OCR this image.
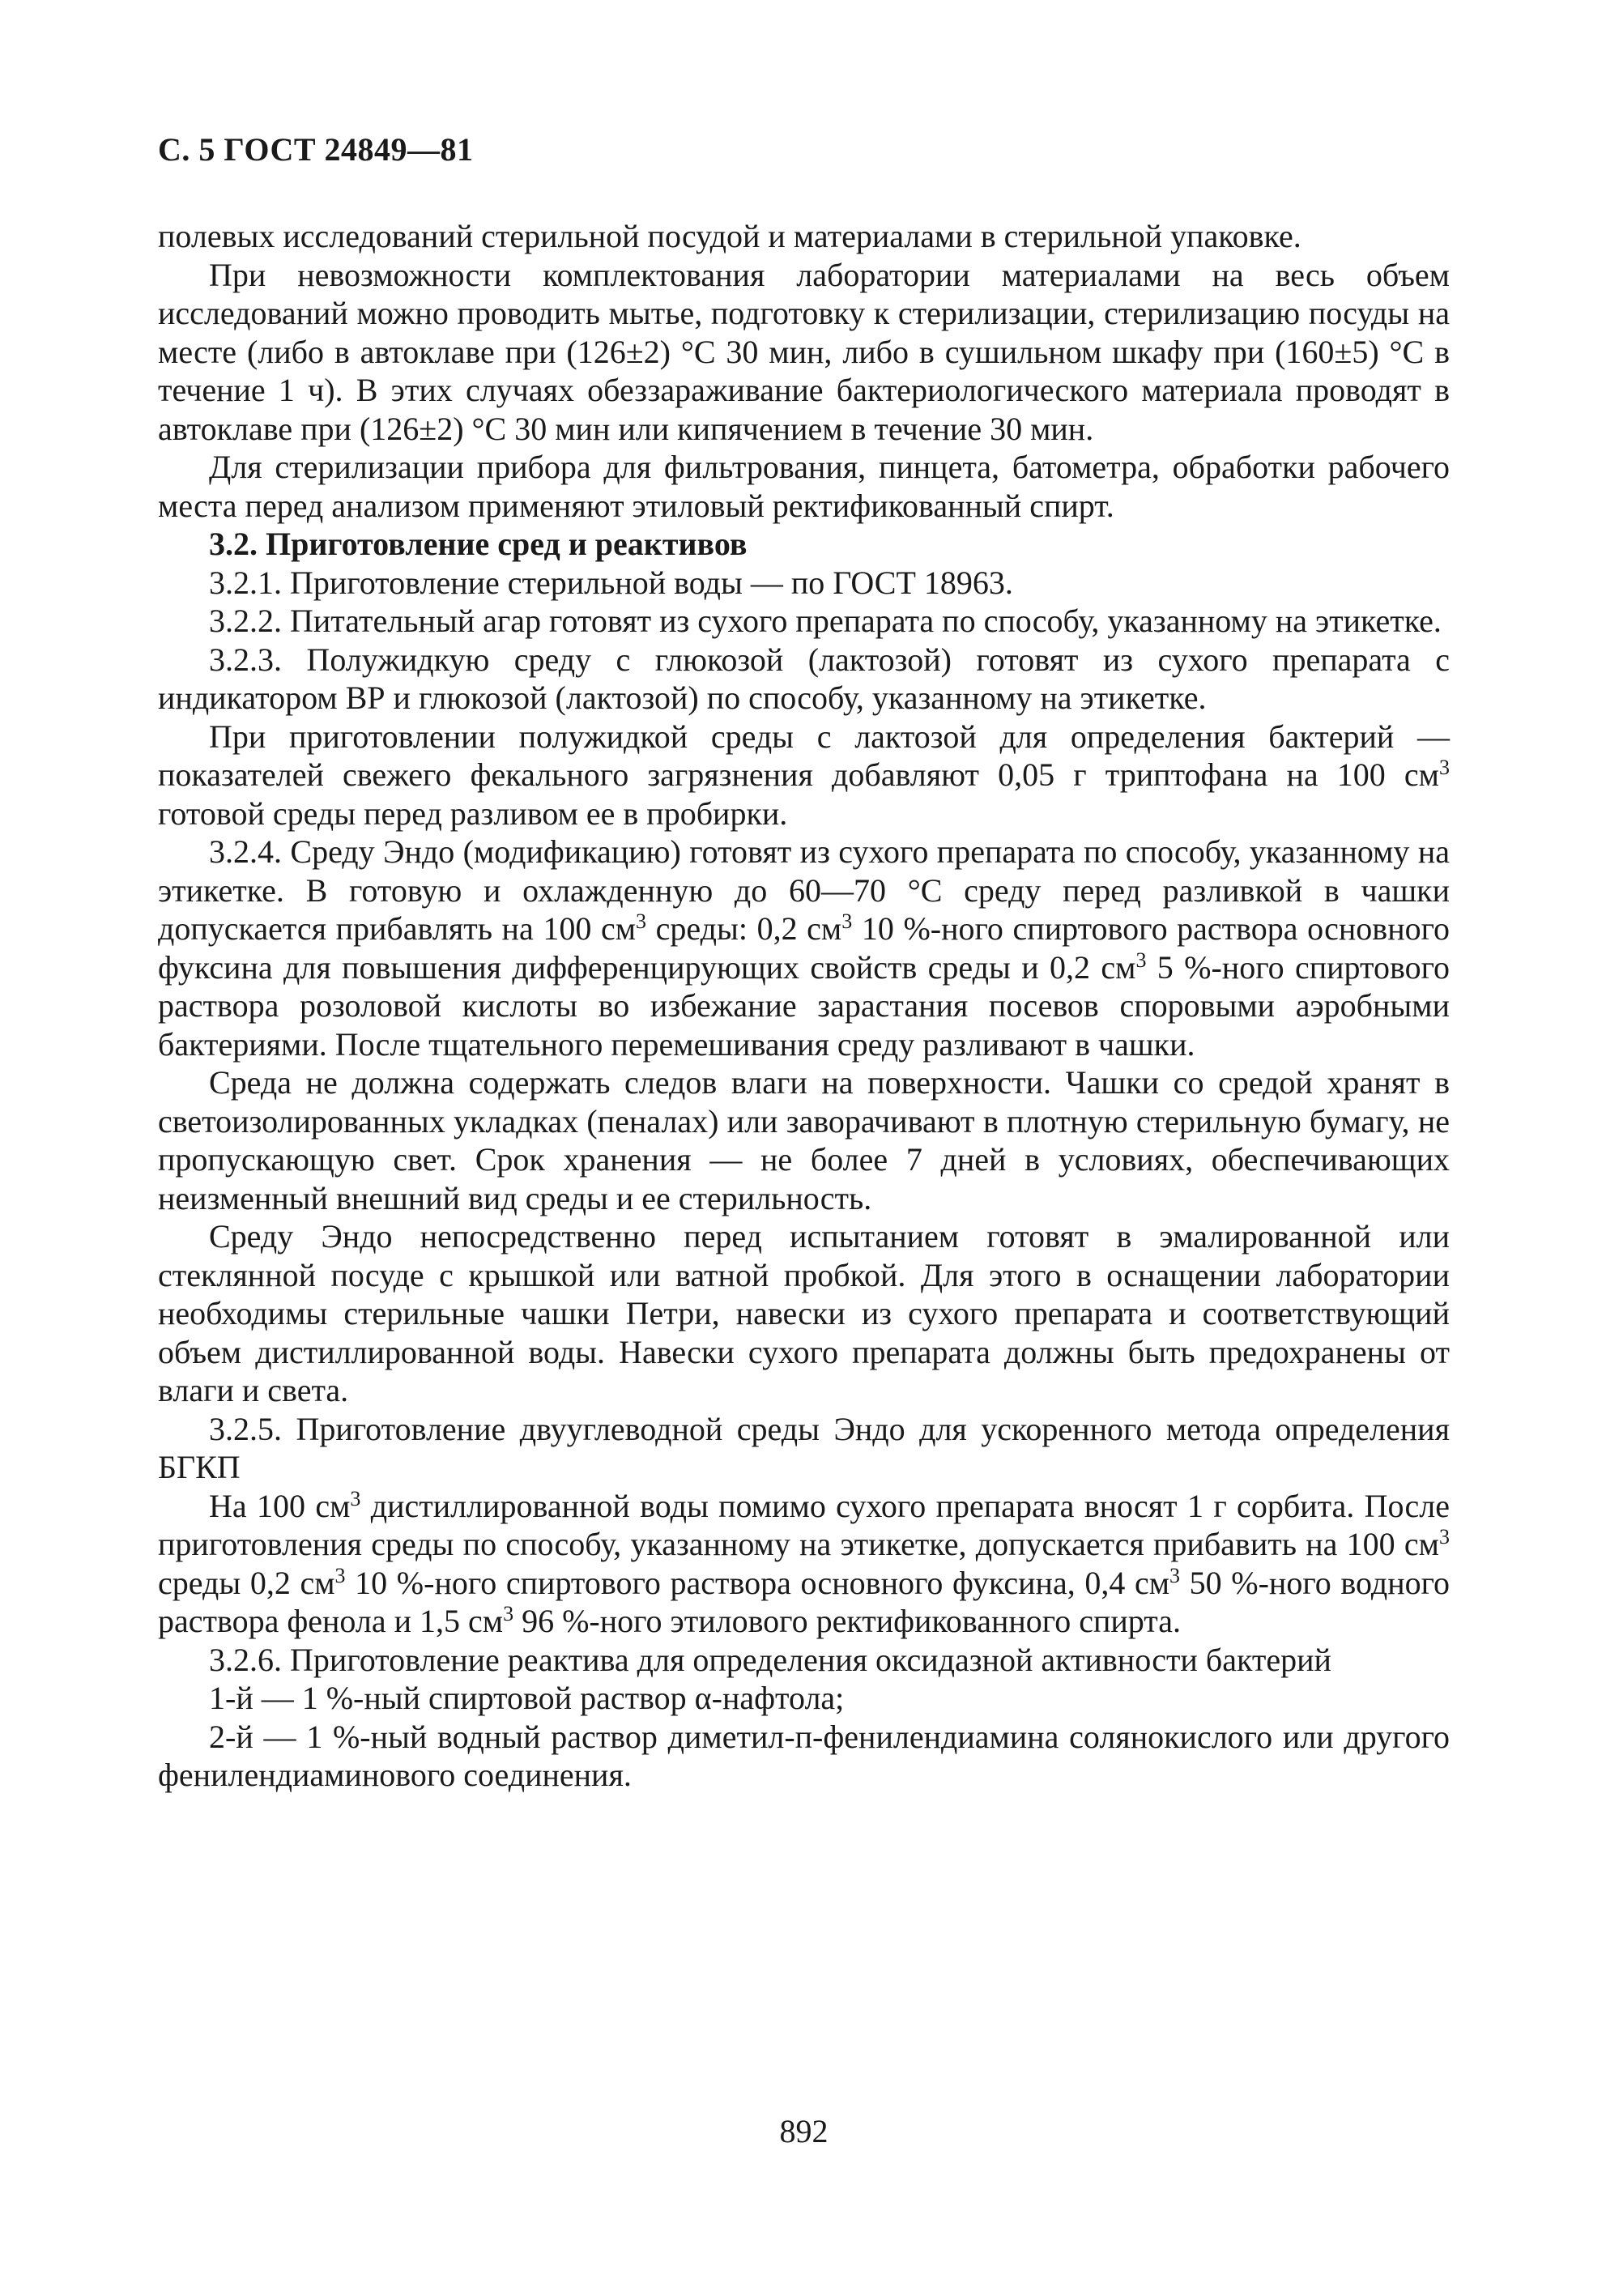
С. 5 ГОСТ 24849—81

полевых исследований стерильной посудой и материалами в стерильной упаковке.

При невозможности комплектования лаборатории материалами на весь объем исследований можно проводить мытье, подготовку к стерилизации, стерилизацию посуды на месте (либо в автоклаве при (126±2) °С 30 мин, либо в сушильном шкафу при (160±5) °С в течение 1 ч). В этих случаях обеззараживание бактериологического материала проводят в автоклаве при (126±2) °С 30 мин или кипячением в течение 30 мин.

Для стерилизации прибора для фильтрования, пинцета, батометра, обработки рабочего места перед анализом применяют этиловый ректификованный спирт.

3.2. Приготовление сред и реактивов

3.2.1. Приготовление стерильной воды — по ГОСТ 18963.

3.2.2. Питательный агар готовят из сухого препарата по способу, указанному на этикетке.

3.2.3. Полужидкую среду с глюкозой (лактозой) готовят из сухого препарата с индикатором ВР и глюкозой (лактозой) по способу, указанному на этикетке.

При приготовлении полужидкой среды с лактозой для определения бактерий — показателей свежего фекального загрязнения добавляют 0,05 г триптофана на 100 $см^3$ готовой среды перед разливом ее в пробирки.

3.2.4. Среду Эндо (модификацию) готовят из сухого препарата по способу, указанному на этикетке. В готовую и охлажденную до 60—70 °С среду перед разливкой в чашки допускается прибавлять на 100 $см^3$ среды: 0,2 $см^3$ 10 %-ного спиртового раствора основного фуксина для повышения дифференцирующих свойств среды и 0,2 $см^3$ 5 %-ного спиртового раствора розоловой кислоты во избежание зарастания посевов споровыми аэробными бактериями. После тщательного перемешивания среду разливают в чашки.

Среда не должна содержать следов влаги на поверхности. Чашки со средой хранят в светоизолированных укладках (пеналах) или заворачивают в плотную стерильную бумагу, не пропускающую свет. Срок хранения — не более 7 дней в условиях, обеспечивающих неизменный внешний вид среды и ее стерильность.

Среду Эндо непосредственно перед испытанием готовят в эмалированной или стеклянной посуде с крышкой или ватной пробкой. Для этого в оснащении лаборатории необходимы стерильные чашки Петри, навески из сухого препарата и соответствующий объем дистиллированной воды. Навески сухого препарата должны быть предохранены от влаги и света.

3.2.5. Приготовление двууглеводной среды Эндо для ускоренного метода определения БГКП

На 100 $см^3$ дистиллированной воды помимо сухого препарата вносят 1 г сорбита. После приготовления среды по способу, указанному на этикетке, допускается прибавить на 100 $см^3$ среды 0,2 $см^3$ 10 %-ного спиртового раствора основного фуксина, 0,4 $см^3$ 50 %-ного водного раствора фенола и 1,5 $см^3$ 96 %-ного этилового ректификованного спирта.

3.2.6. Приготовление реактива для определения оксидазной активности бактерий

1-й — 1 %-ный спиртовой раствор α-нафтола;

2-й — 1 %-ный водный раствор диметил-п-фенилендиамина солянокислого или другого фенилендиаминового соединения.

892
